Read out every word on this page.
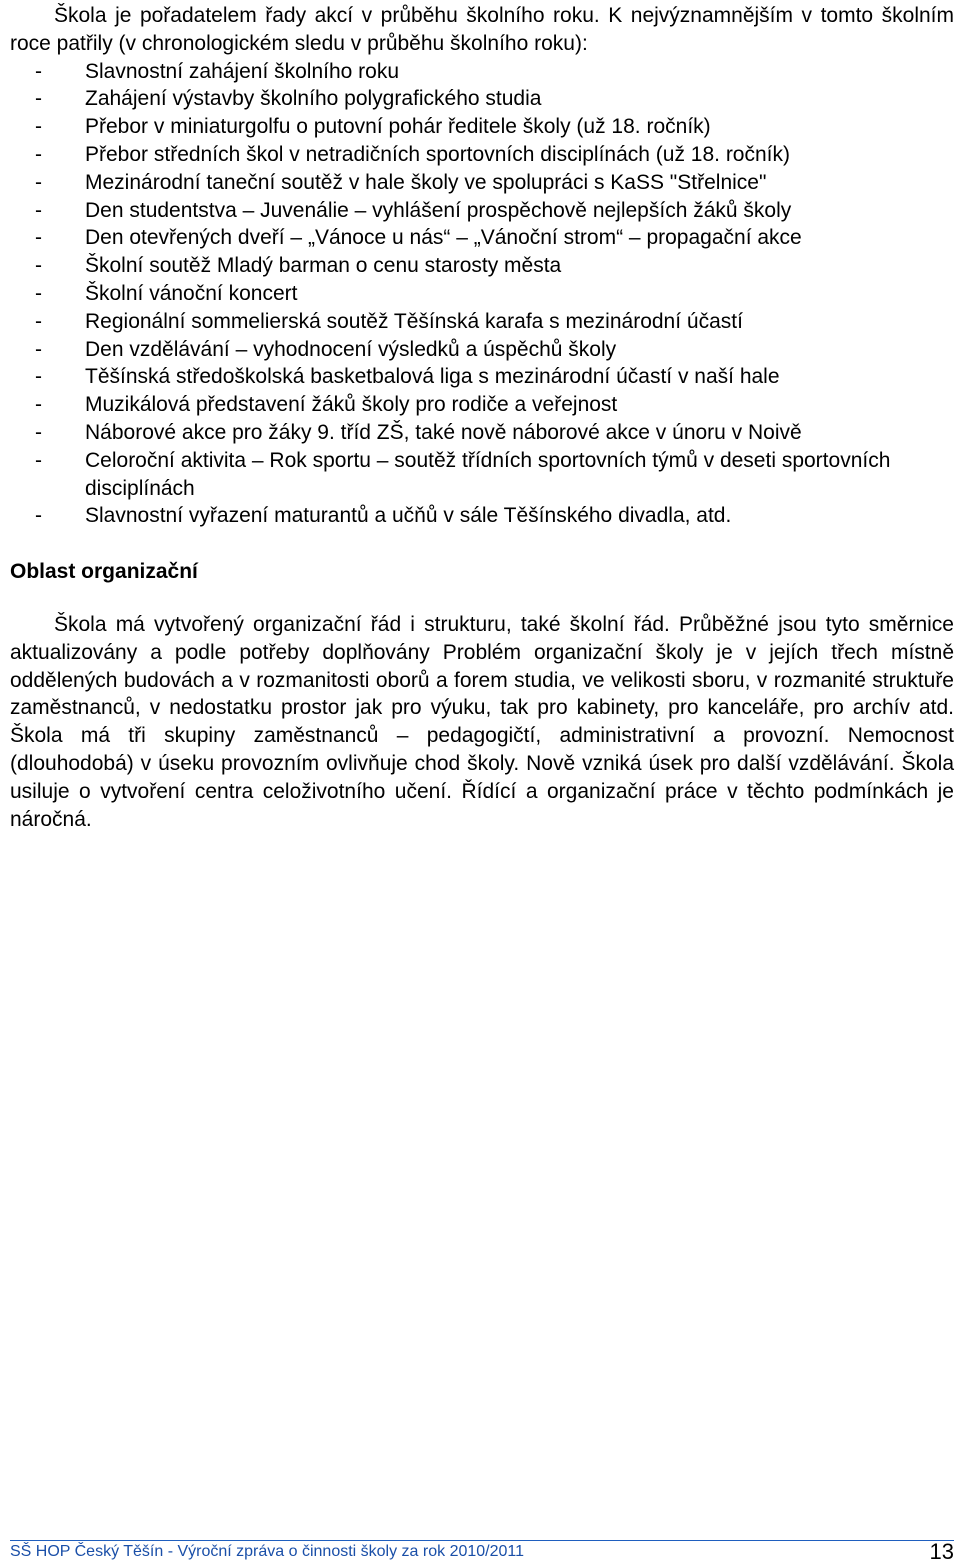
Škola je pořadatelem řady akcí v průběhu školního roku. K nejvýznamnějším v tomto školním roce patřily (v chronologickém sledu v průběhu školního roku):

- Slavnostní zahájení školního roku
- Zahájení výstavby školního polygrafického studia
- Přebor v miniaturgolfu o putovní pohár ředitele školy (už 18. ročník)
- Přebor středních škol v netradičních sportovních disciplínách (už 18. ročník)
- Mezinárodní taneční soutěž v hale školy ve spolupráci s KaSS "Střelnice"
- Den studentstva – Juvenálie – vyhlášení prospěchově nejlepších žáků školy
- Den otevřených dveří – „Vánoce u nás“ – „Vánoční strom“ – propagační akce
- Školní soutěž Mladý barman o cenu starosty města
- Školní vánoční koncert
- Regionální sommelierská soutěž Těšínská karafa s mezinárodní účastí
- Den vzdělávání – vyhodnocení výsledků a úspěchů školy
- Těšínská středoškolská basketbalová liga s mezinárodní účastí v naší hale
- Muzikálová představení žáků školy pro rodiče a veřejnost
- Náborové akce pro žáky 9. tříd ZŠ, také nově náborové akce v únoru v Noivě
- Celoroční aktivita – Rok sportu – soutěž třídních sportovních týmů v deseti sportovních disciplínách
- Slavnostní vyřazení maturantů a učňů v sále Těšínského divadla, atd.
Oblast organizační

Škola má vytvořený organizační řád i strukturu, také školní řád. Průběžné jsou tyto směrnice aktualizovány a podle potřeby doplňovány Problém organizační školy je v jejích třech místně oddělených budovách a v rozmanitosti oborů a forem studia, ve velikosti sboru, v rozmanité struktuře zaměstnanců, v nedostatku prostor jak pro výuku, tak pro kabinety, pro kanceláře, pro archív atd. Škola má tři skupiny zaměstnanců – pedagogičtí, administrativní a provozní. Nemocnost (dlouhodobá) v úseku provozním ovlivňuje chod školy. Nově vzniká úsek pro další vzdělávání. Škola usiluje o vytvoření centra celoživotního učení. Řídící a organizační práce v těchto podmínkách je náročná.

SŠ HOP Český Těšín - Výroční zpráva o činnosti školy za rok 2010/2011	13
